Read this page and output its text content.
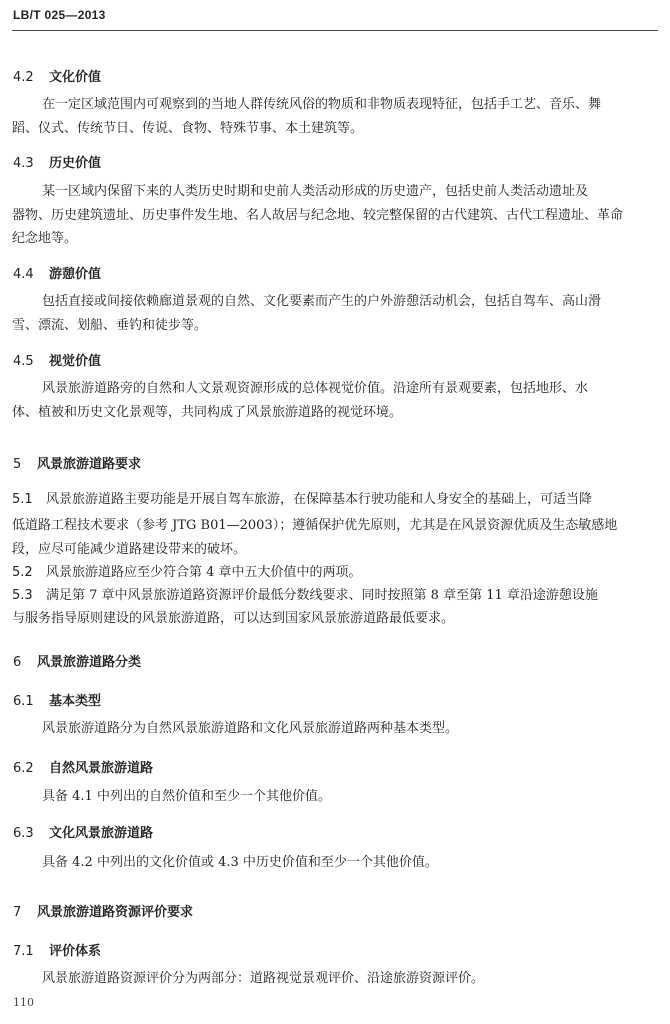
LB/T 025—2013
4.2 文化价值
在一定区域范围内可观察到的当地人群传统风俗的物质和非物质表现特征，包括手工艺、音乐、舞
蹈、仪式、传统节日、传说、食物、特殊节事、本土建筑等。
4.3 历史价值
某一区域内保留下来的人类历史时期和史前人类活动形成的历史遗产，包括史前人类活动遗址及
器物、历史建筑遗址、历史事件发生地、名人故居与纪念地、较完整保留的古代建筑、古代工程遗址、革命
纪念地等。
4.4 游憩价值
包括直接或间接依赖廊道景观的自然、文化要素而产生的户外游憩活动机会，包括自驾车、高山滑
雪、漂流、划船、垂钓和徒步等。
4.5 视觉价值
风景旅游道路旁的自然和人文景观资源形成的总体视觉价值。沿途所有景观要素，包括地形、水
体、植被和历史文化景观等，共同构成了风景旅游道路的视觉环境。
5 风景旅游道路要求
5.1 风景旅游道路主要功能是开展自驾车旅游，在保障基本行驶功能和人身安全的基础上，可适当降
低道路工程技术要求（参考 JTG B01—2003）；遵循保护优先原则，尤其是在风景资源优质及生态敏感地
段，应尽可能减少道路建设带来的破坏。
5.2 风景旅游道路应至少符合第 4 章中五大价值中的两项。
5.3 满足第 7 章中风景旅游道路资源评价最低分数线要求、同时按照第 8 章至第 11 章沿途游憩设施
与服务指导原则建设的风景旅游道路，可以达到国家风景旅游道路最低要求。
6 风景旅游道路分类
6.1 基本类型
风景旅游道路分为自然风景旅游道路和文化风景旅游道路两种基本类型。
6.2 自然风景旅游道路
具备 4.1 中列出的自然价值和至少一个其他价值。
6.3 文化风景旅游道路
具备 4.2 中列出的文化价值或 4.3 中历史价值和至少一个其他价值。
7 风景旅游道路资源评价要求
7.1 评价体系
风景旅游道路资源评价分为两部分：道路视觉景观评价、沿途旅游资源评价。
110
